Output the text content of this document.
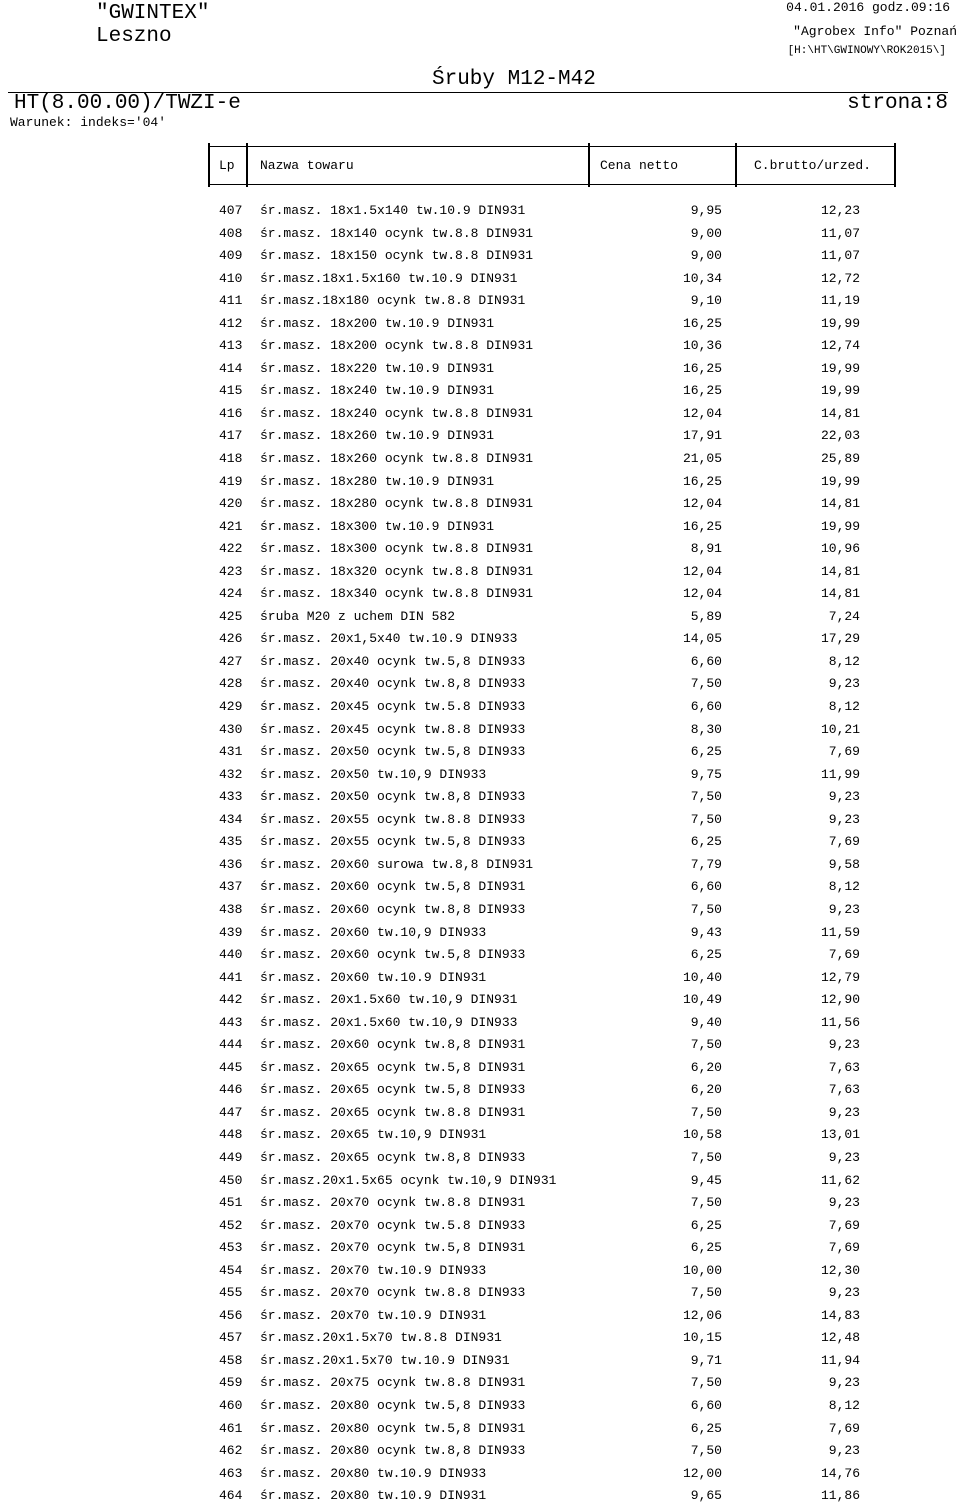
"GWINTEX"
Leszno
04.01.2016 godz.09:16
"Agrobex Info" Poznań
[H:\HT\GWINOWY\ROK2015\]
Śruby M12-M42
HT(8.00.00)/TWZI-e	strona:8
Warunek: indeks='04'
Lp Nazwa towaru	Cena netto	C.brutto/urzed.
407 śr.masz. 18x1.5x140 tw.10.9 DIN931	9,95	12,23
408 śr.masz. 18x140 ocynk tw.8.8 DIN931	9,00	11,07
409 śr.masz. 18x150 ocynk tw.8.8 DIN931	9,00	11,07
410 śr.masz.18x1.5x160 tw.10.9 DIN931	10,34	12,72
411 śr.masz.18x180 ocynk tw.8.8 DIN931	9,10	11,19
412 śr.masz. 18x200 tw.10.9 DIN931	16,25	19,99
413 śr.masz. 18x200 ocynk tw.8.8 DIN931	10,36	12,74
414 śr.masz. 18x220 tw.10.9 DIN931	16,25	19,99
415 śr.masz. 18x240 tw.10.9 DIN931	16,25	19,99
416 śr.masz. 18x240 ocynk tw.8.8 DIN931	12,04	14,81
417 śr.masz. 18x260 tw.10.9 DIN931	17,91	22,03
418 śr.masz. 18x260 ocynk tw.8.8 DIN931	21,05	25,89
419 śr.masz. 18x280 tw.10.9 DIN931	16,25	19,99
420 śr.masz. 18x280 ocynk tw.8.8 DIN931	12,04	14,81
421 śr.masz. 18x300 tw.10.9 DIN931	16,25	19,99
422 śr.masz. 18x300 ocynk tw.8.8 DIN931	8,91	10,96
423 śr.masz. 18x320 ocynk tw.8.8 DIN931	12,04	14,81
424 śr.masz. 18x340 ocynk tw.8.8 DIN931	12,04	14,81
425 śruba M20 z uchem DIN 582	5,89	7,24
426 śr.masz. 20x1,5x40 tw.10.9 DIN933	14,05	17,29
427 śr.masz. 20x40 ocynk tw.5,8 DIN933	6,60	8,12
428 śr.masz. 20x40 ocynk tw.8,8 DIN933	7,50	9,23
429 śr.masz. 20x45 ocynk tw.5.8 DIN933	6,60	8,12
430 śr.masz. 20x45 ocynk tw.8.8 DIN933	8,30	10,21
431 śr.masz. 20x50 ocynk tw.5,8 DIN933	6,25	7,69
432 śr.masz. 20x50 tw.10,9 DIN933	9,75	11,99
433 śr.masz. 20x50 ocynk tw.8,8 DIN933	7,50	9,23
434 śr.masz. 20x55 ocynk tw.8.8 DIN933	7,50	9,23
435 śr.masz. 20x55 ocynk tw.5,8 DIN933	6,25	7,69
436 śr.masz. 20x60 surowa tw.8,8 DIN931	7,79	9,58
437 śr.masz. 20x60 ocynk tw.5,8 DIN931	6,60	8,12
438 śr.masz. 20x60 ocynk tw.8,8 DIN933	7,50	9,23
439 śr.masz. 20x60 tw.10,9 DIN933	9,43	11,59
440 śr.masz. 20x60 ocynk tw.5,8 DIN933	6,25	7,69
441 śr.masz. 20x60 tw.10.9 DIN931	10,40	12,79
442 śr.masz. 20x1.5x60 tw.10,9 DIN931	10,49	12,90
443 śr.masz. 20x1.5x60 tw.10,9 DIN933	9,40	11,56
444 śr.masz. 20x60 ocynk tw.8,8 DIN931	7,50	9,23
445 śr.masz. 20x65 ocynk tw.5,8 DIN931	6,20	7,63
446 śr.masz. 20x65 ocynk tw.5,8 DIN933	6,20	7,63
447 śr.masz. 20x65 ocynk tw.8.8 DIN931	7,50	9,23
448 śr.masz. 20x65 tw.10,9 DIN931	10,58	13,01
449 śr.masz. 20x65 ocynk tw.8,8 DIN933	7,50	9,23
450 śr.masz.20x1.5x65 ocynk tw.10,9 DIN931	9,45	11,62
451 śr.masz. 20x70 ocynk tw.8.8 DIN931	7,50	9,23
452 śr.masz. 20x70 ocynk tw.5.8 DIN933	6,25	7,69
453 śr.masz. 20x70 ocynk tw.5,8 DIN931	6,25	7,69
454 śr.masz. 20x70 tw.10.9 DIN933	10,00	12,30
455 śr.masz. 20x70 ocynk tw.8.8 DIN933	7,50	9,23
456 śr.masz. 20x70 tw.10.9 DIN931	12,06	14,83
457 śr.masz.20x1.5x70 tw.8.8 DIN931	10,15	12,48
458 śr.masz.20x1.5x70 tw.10.9 DIN931	9,71	11,94
459 śr.masz. 20x75 ocynk tw.8.8 DIN931	7,50	9,23
460 śr.masz. 20x80 ocynk tw.5,8 DIN933	6,60	8,12
461 śr.masz. 20x80 ocynk tw.5,8 DIN931	6,25	7,69
462 śr.masz. 20x80 ocynk tw.8,8 DIN933	7,50	9,23
463 śr.masz. 20x80 tw.10.9 DIN933	12,00	14,76
464 śr.masz. 20x80 tw.10.9 DIN931	9,65	11,86
